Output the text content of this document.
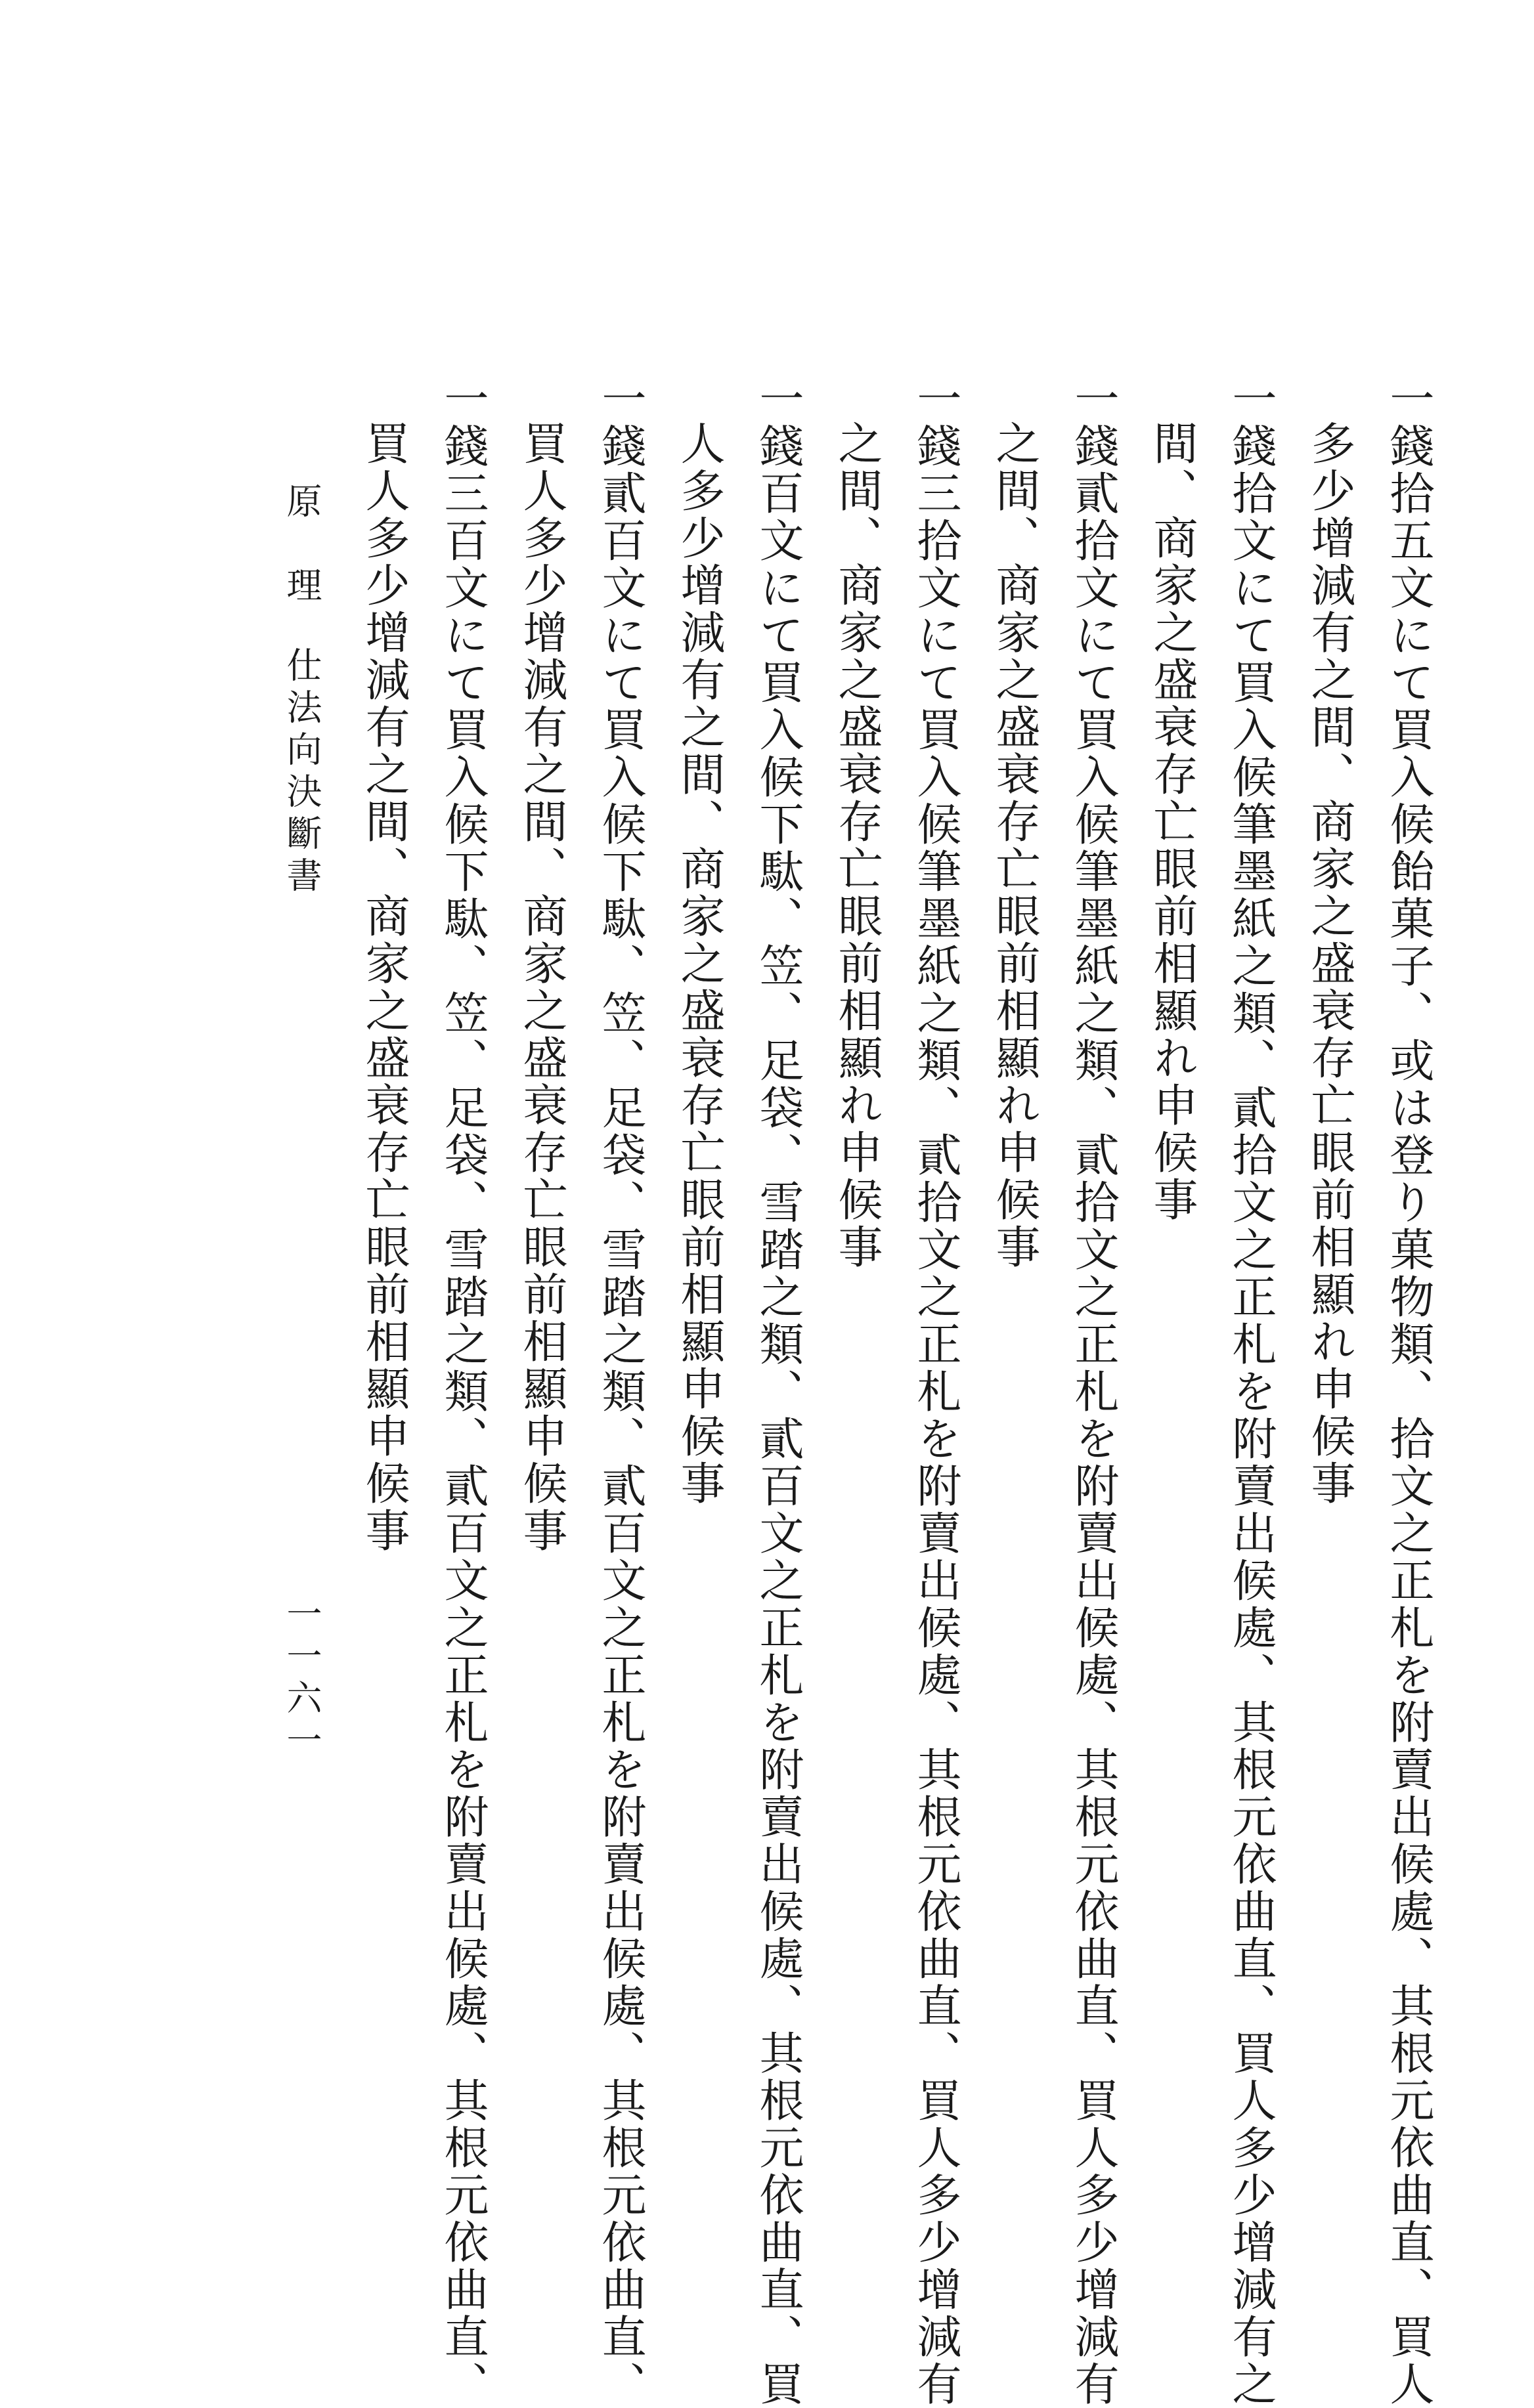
一錢拾五文にて買入候飴菓子、或は登り菓物類、拾文之正札を附賣出候處、其根元依曲直、買人
多少增減有之間、商家之盛衰存亡眼前相顯れ申候事
一錢拾文にて買入候筆墨紙之類、貳拾文之正札を附賣出候處、其根元依曲直、買人多少增減有之
間、商家之盛衰存亡眼前相顯れ申候事
一錢貳拾文にて買入候筆墨紙之類、貳拾文之正札を附賣出候處、其根元依曲直、買人多少增減有
之間、商家之盛衰存亡眼前相顯れ申候事
一錢三拾文にて買入候筆墨紙之類、貳拾文之正札を附賣出候處、其根元依曲直、買人多少增減有
之間、商家之盛衰存亡眼前相顯れ申候事
一錢百文にて買入候下駄、笠、足袋、雪踏之類、貳百文之正札を附賣出候處、其根元依曲直、買
人多少增減有之間、商家之盛衰存亡眼前相顯申候事
一錢貳百文にて買入候下駄、笠、足袋、雪踏之類、貳百文之正札を附賣出候處、其根元依曲直、
買人多少增減有之間、商家之盛衰存亡眼前相顯申候事
一錢三百文にて買入候下駄、笠、足袋、雪踏之類、貳百文之正札を附賣出候處、其根元依曲直、
買人多少增減有之間、商家之盛衰存亡眼前相顯申候事
原　理
仕法向決斷書
一一六一
